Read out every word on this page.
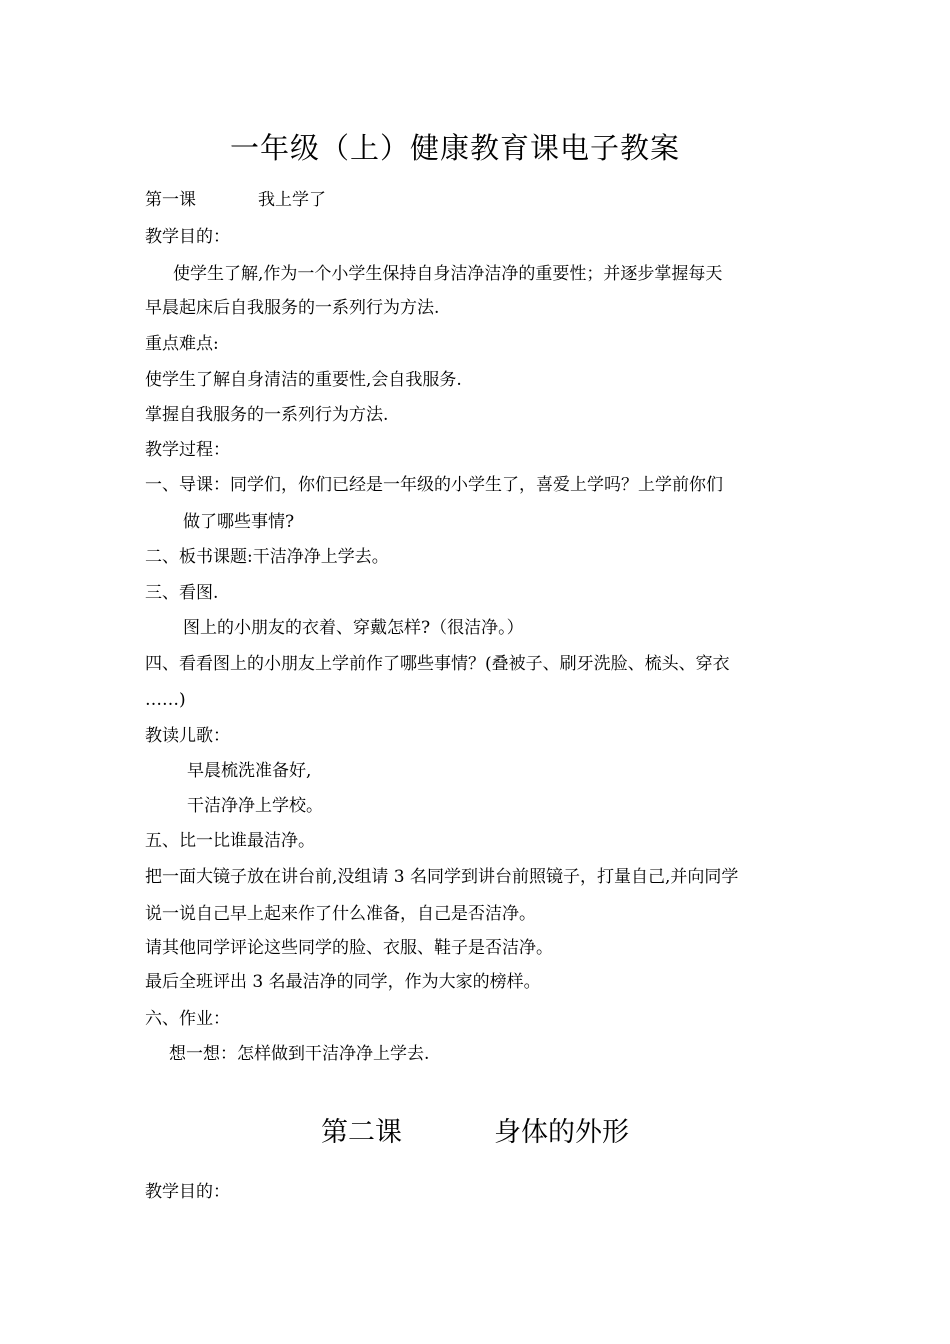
一年级（上）健康教育课电子教案
第一课	我上学了
教学目的：
使学生了解,作为一个小学生保持自身洁净洁净的重要性；并逐步掌握每天
早晨起床后自我服务的一系列行为方法.
重点难点:
使学生了解自身清洁的重要性,会自我服务.
掌握自我服务的一系列行为方法.
教学过程：
一、导课：同学们，你们已经是一年级的小学生了，喜爱上学吗？上学前你们
做了哪些事情?
二、板书课题:干洁净净上学去。
三、看图.
图上的小朋友的衣着、穿戴怎样?（很洁净。）
四、看看图上的小朋友上学前作了哪些事情？(叠被子、刷牙洗脸、梳头、穿衣
……)
教读儿歌：
早晨梳洗准备好,
干洁净净上学校。
五、比一比谁最洁净。
把一面大镜子放在讲台前,没组请 3 名同学到讲台前照镜子，打量自己,并向同学
说一说自己早上起来作了什么准备，自己是否洁净。
请其他同学评论这些同学的脸、衣服、鞋子是否洁净。
最后全班评出 3 名最洁净的同学，作为大家的榜样。
六、作业：
想一想：怎样做到干洁净净上学去.
第二课	身体的外形
教学目的：
